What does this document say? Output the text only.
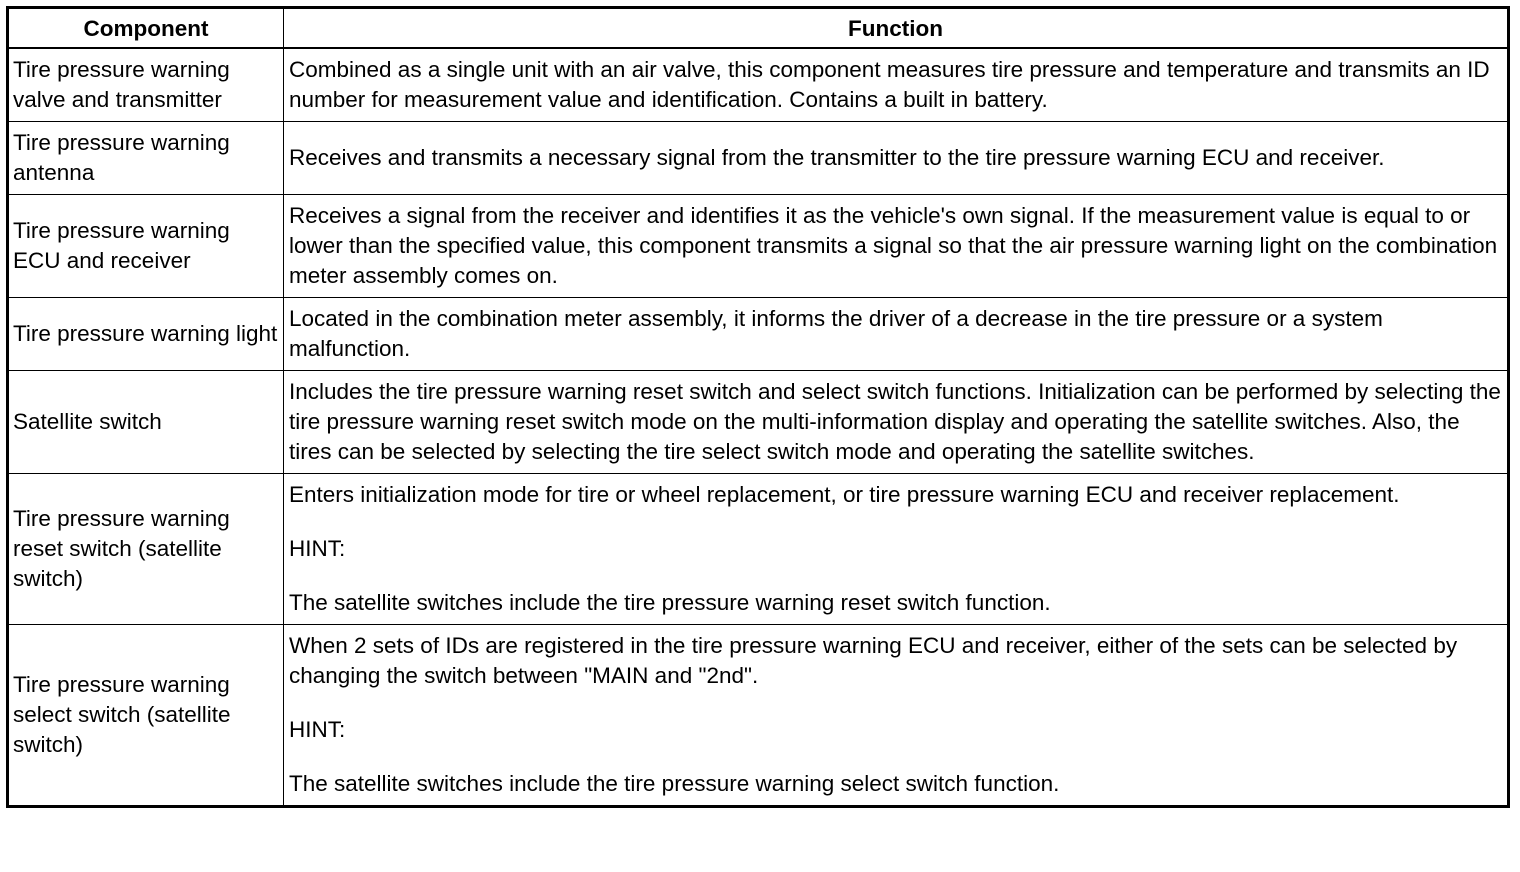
Component	Function
Tire pressure warning valve and transmitter	Combined as a single unit with an air valve, this component measures tire pressure and temperature and transmits an ID number for measurement value and identification. Contains a built in battery.

Tire pressure warning antenna	Receives and transmits a necessary signal from the transmitter to the tire pressure warning ECU and receiver.

Tire pressure warning ECU and receiver	Receives a signal from the receiver and identifies it as the vehicle's own signal. If the measurement value is equal to or lower than the specified value, this component transmits a signal so that the air pressure warning light on the combination meter assembly comes on.

Tire pressure warning light	Located in the combination meter assembly, it informs the driver of a decrease in the tire pressure or a system malfunction.

Satellite switch	Includes the tire pressure warning reset switch and select switch functions. Initialization can be performed by selecting the tire pressure warning reset switch mode on the multi-information display and operating the satellite switches. Also, the tires can be selected by selecting the tire select switch mode and operating the satellite switches.

Tire pressure warning reset switch (satellite switch)	Enters initialization mode for tire or wheel replacement, or tire pressure warning ECU and receiver replacement.

HINT:

The satellite switches include the tire pressure warning reset switch function.

Tire pressure warning select switch (satellite switch)	When 2 sets of IDs are registered in the tire pressure warning ECU and receiver, either of the sets can be selected by changing the switch between "MAIN and "2nd".

HINT:

The satellite switches include the tire pressure warning select switch function.
